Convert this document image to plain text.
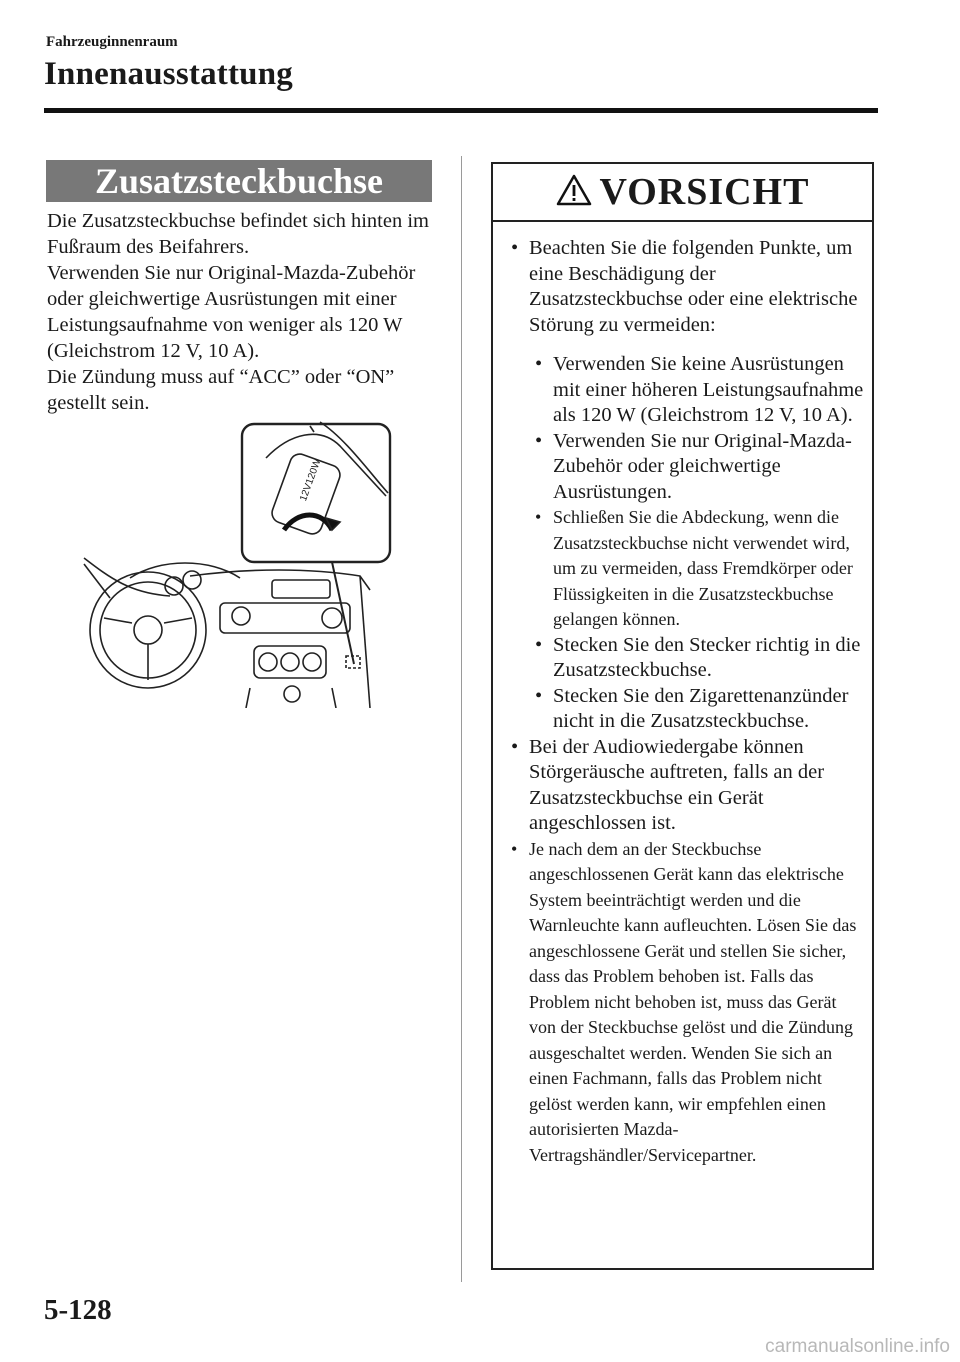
Fahrzeuginnenraum
Innenausstattung
Zusatzsteckbuchse

Die Zusatzsteckbuchse befindet sich hinten im Fußraum des Beifahrers.

Verwenden Sie nur Original-Mazda-Zubehör oder gleichwertige Ausrüstungen mit einer Leistungsaufnahme von weniger als 120 W (Gleichstrom 12 V, 10 A).

Die Zündung muss auf “ACC” oder “ON” gestellt sein.

12V120W
VORSICHT
• Beachten Sie die folgenden Punkte, um eine Beschädigung der Zusatzsteckbuchse oder eine elektrische Störung zu vermeiden:
• Verwenden Sie keine Ausrüstungen mit einer höheren Leistungsaufnahme als 120 W (Gleichstrom 12 V, 10 A).
• Verwenden Sie nur Original-Mazda-Zubehör oder gleichwertige Ausrüstungen.
• Schließen Sie die Abdeckung, wenn die Zusatzsteckbuchse nicht verwendet wird, um zu vermeiden, dass Fremdkörper oder Flüssigkeiten in die Zusatzsteckbuchse gelangen können.
• Stecken Sie den Stecker richtig in die Zusatzsteckbuchse.
• Stecken Sie den Zigarettenanzünder nicht in die Zusatzsteckbuchse.
• Bei der Audiowiedergabe können Störgeräusche auftreten, falls an der Zusatzsteckbuchse ein Gerät angeschlossen ist.
• Je nach dem an der Steckbuchse angeschlossenen Gerät kann das elektrische System beeinträchtigt werden und die Warnleuchte kann aufleuchten. Lösen Sie das angeschlossene Gerät und stellen Sie sicher, dass das Problem behoben ist. Falls das Problem nicht behoben ist, muss das Gerät von der Steckbuchse gelöst und die Zündung ausgeschaltet werden. Wenden Sie sich an einen Fachmann, falls das Problem nicht gelöst werden kann, wir empfehlen einen autorisierten Mazda-Vertragshändler/Servicepartner.
5-128
carmanualsonline.info
